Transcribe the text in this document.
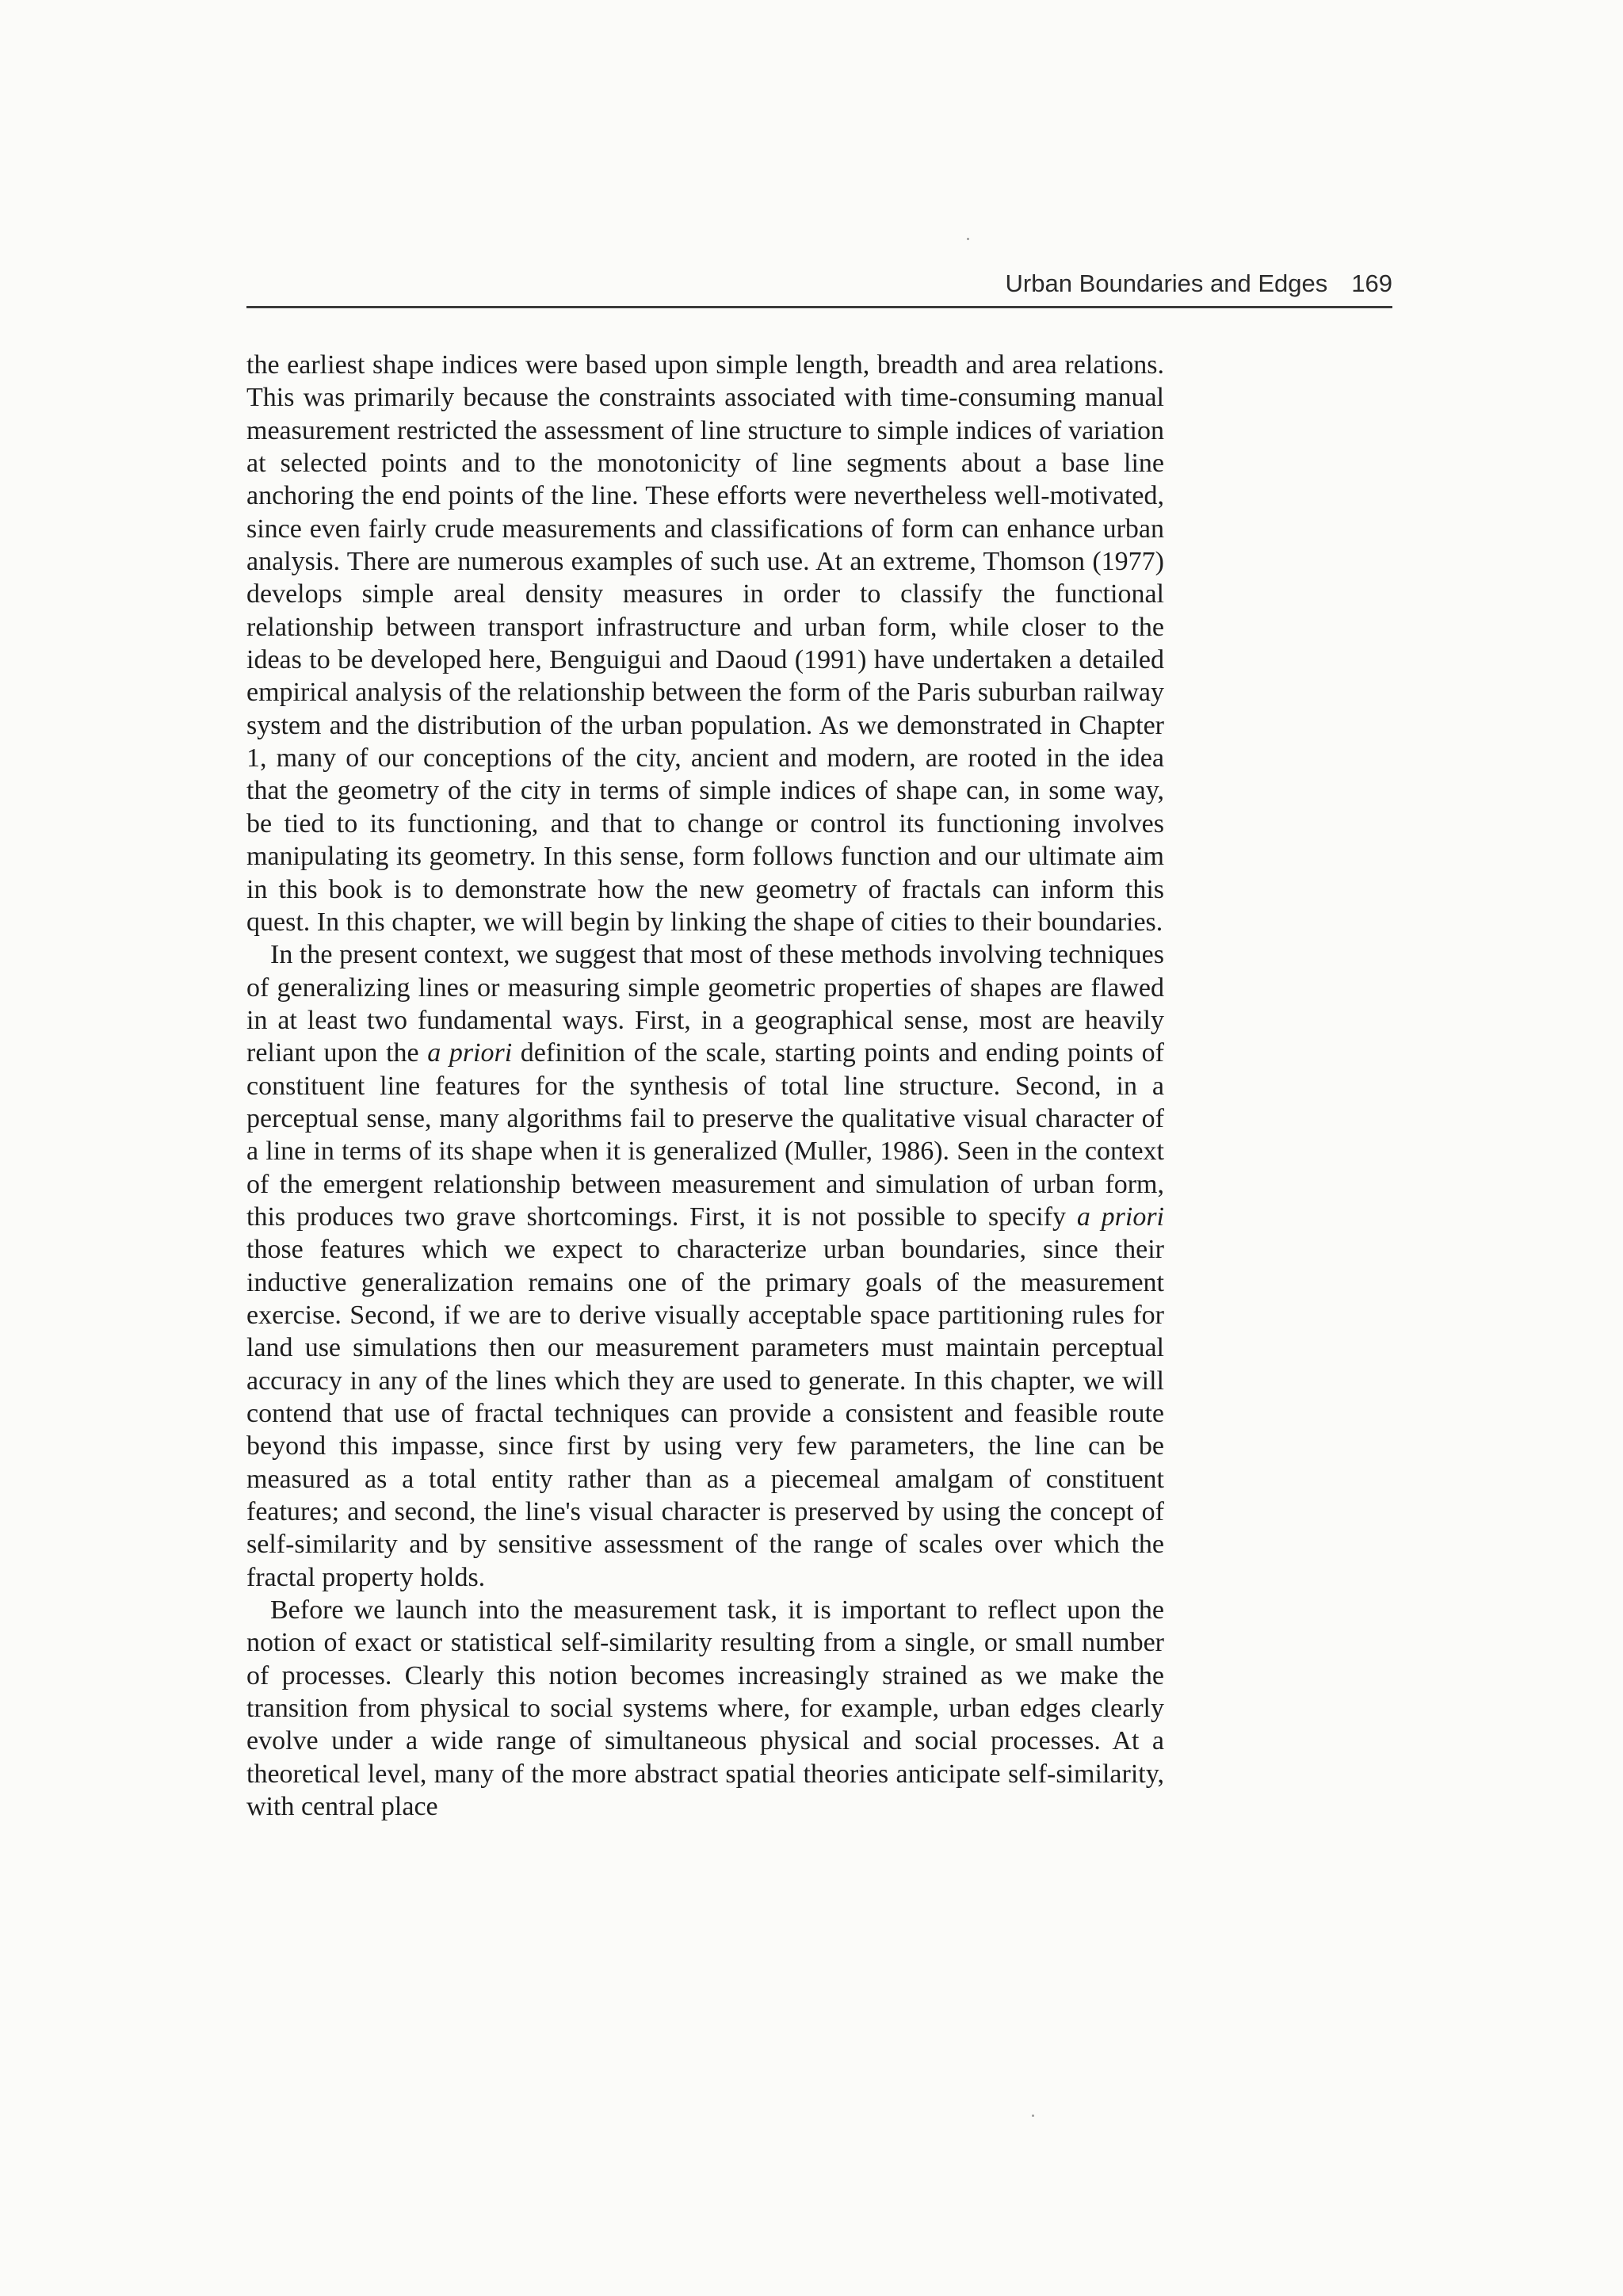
Urban Boundaries and Edges 169

the earliest shape indices were based upon simple length, breadth and area relations. This was primarily because the constraints associated with time-consuming manual measurement restricted the assessment of line structure to simple indices of variation at selected points and to the monotonicity of line segments about a base line anchoring the end points of the line. These efforts were nevertheless well-motivated, since even fairly crude measurements and classifications of form can enhance urban analysis. There are numerous examples of such use. At an extreme, Thomson (1977) develops simple areal density measures in order to classify the functional relationship between transport infrastructure and urban form, while closer to the ideas to be developed here, Benguigui and Daoud (1991) have undertaken a detailed empirical analysis of the relationship between the form of the Paris suburban railway system and the distribution of the urban population. As we demonstrated in Chapter 1, many of our conceptions of the city, ancient and modern, are rooted in the idea that the geometry of the city in terms of simple indices of shape can, in some way, be tied to its functioning, and that to change or control its functioning involves manipulating its geometry. In this sense, form follows function and our ultimate aim in this book is to demonstrate how the new geometry of fractals can inform this quest. In this chapter, we will begin by linking the shape of cities to their boundaries.

In the present context, we suggest that most of these methods involving techniques of generalizing lines or measuring simple geometric properties of shapes are flawed in at least two fundamental ways. First, in a geographical sense, most are heavily reliant upon the a priori definition of the scale, starting points and ending points of constituent line features for the synthesis of total line structure. Second, in a perceptual sense, many algorithms fail to preserve the qualitative visual character of a line in terms of its shape when it is generalized (Muller, 1986). Seen in the context of the emergent relationship between measurement and simulation of urban form, this produces two grave shortcomings. First, it is not possible to specify a priori those features which we expect to characterize urban boundaries, since their inductive generalization remains one of the primary goals of the measurement exercise. Second, if we are to derive visually acceptable space partitioning rules for land use simulations then our measurement parameters must maintain perceptual accuracy in any of the lines which they are used to generate. In this chapter, we will contend that use of fractal techniques can provide a consistent and feasible route beyond this impasse, since first by using very few parameters, the line can be measured as a total entity rather than as a piecemeal amalgam of constituent features; and second, the line's visual character is preserved by using the concept of self-similarity and by sensitive assessment of the range of scales over which the fractal property holds.

Before we launch into the measurement task, it is important to reflect upon the notion of exact or statistical self-similarity resulting from a single, or small number of processes. Clearly this notion becomes increasingly strained as we make the transition from physical to social systems where, for example, urban edges clearly evolve under a wide range of simultaneous physical and social processes. At a theoretical level, many of the more abstract spatial theories anticipate self-similarity, with central place
